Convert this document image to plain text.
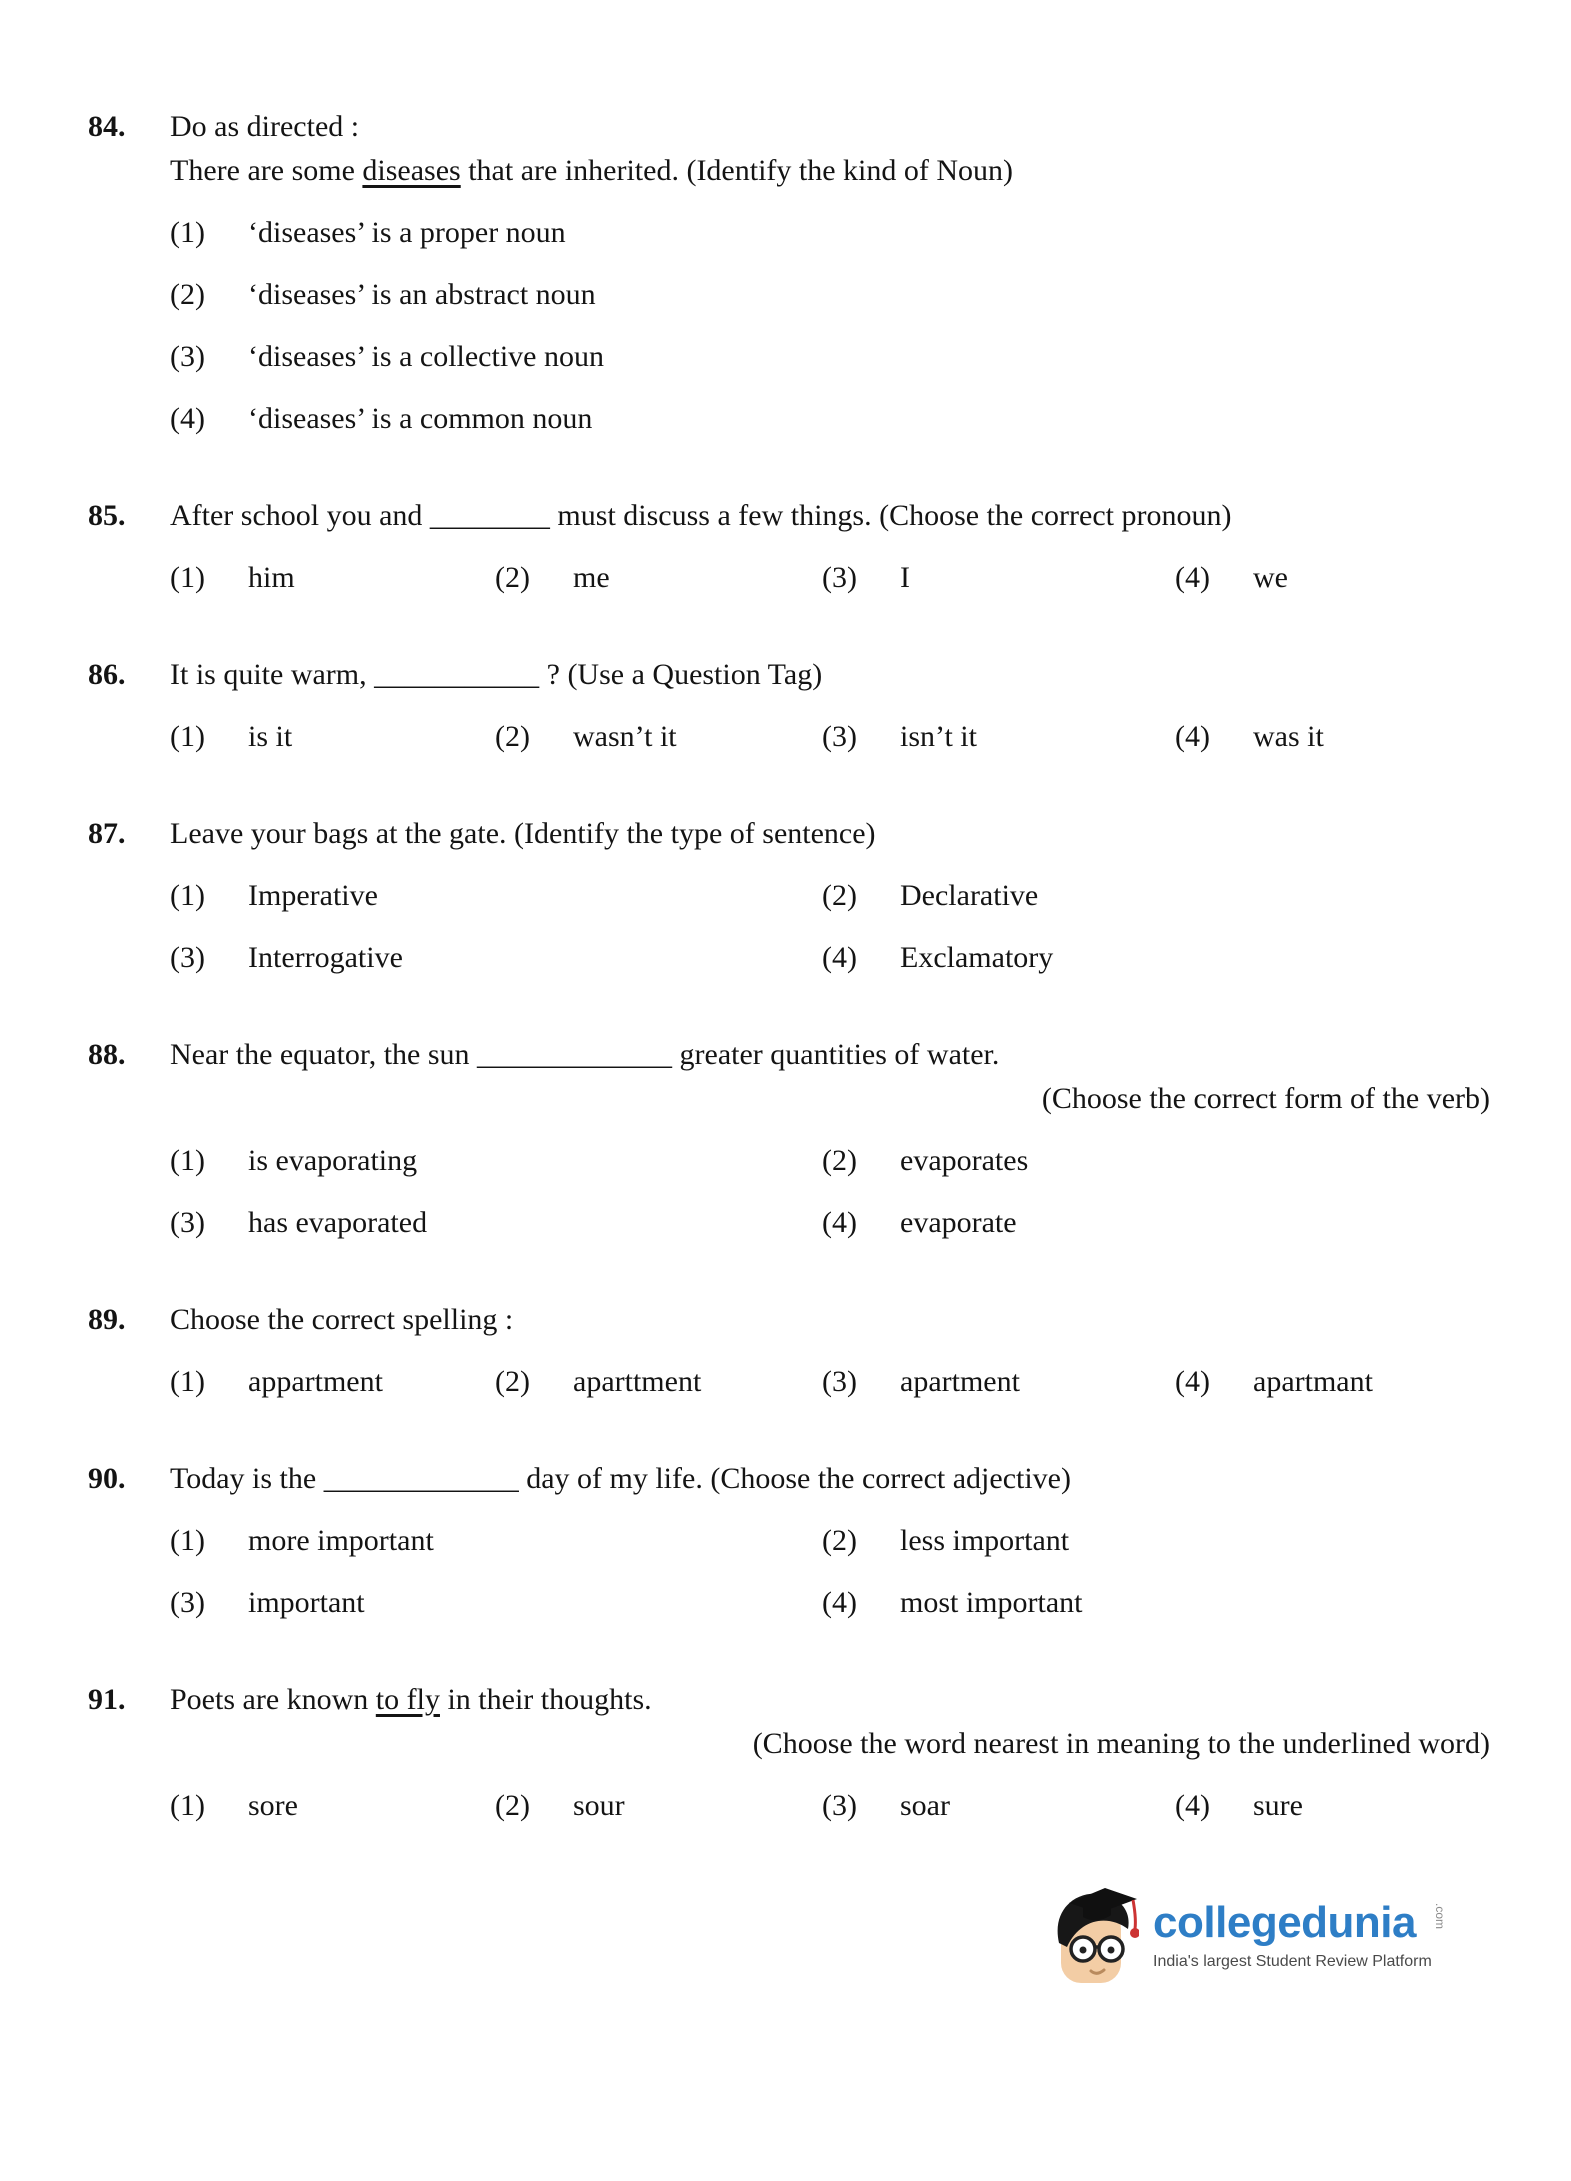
84.	Do as directed :
There are some diseases that are inherited. (Identify the kind of Noun)
(1)	‘diseases’ is a proper noun
(2)	‘diseases’ is an abstract noun
(3)	‘diseases’ is a collective noun
(4)	‘diseases’ is a common noun
85.	After school you and ________ must discuss a few things. (Choose the correct pronoun)
(1)	him	(2)	me	(3)	I	(4)	we
86.	It is quite warm, ___________ ? (Use a Question Tag)
(1)	is it	(2)	wasn’t it	(3)	isn’t it	(4)	was it
87.	Leave your bags at the gate. (Identify the type of sentence)
(1)	Imperative	(2)	Declarative
(3)	Interrogative	(4)	Exclamatory
88.	Near the equator, the sun _____________ greater quantities of water.
(Choose the correct form of the verb)
(1)	is evaporating	(2)	evaporates
(3)	has evaporated	(4)	evaporate
89.	Choose the correct spelling :
(1)	appartment	(2)	aparttment	(3)	apartment	(4)	apartmant
90.	Today is the _____________ day of my life. (Choose the correct adjective)
(1)	more important	(2)	less important
(3)	important	(4)	most important
91.	Poets are known to fly in their thoughts.
(Choose the word nearest in meaning to the underlined word)
(1)	sore	(2)	sour	(3)	soar	(4)	sure
collegedunia	.com
India's largest Student Review Platform
